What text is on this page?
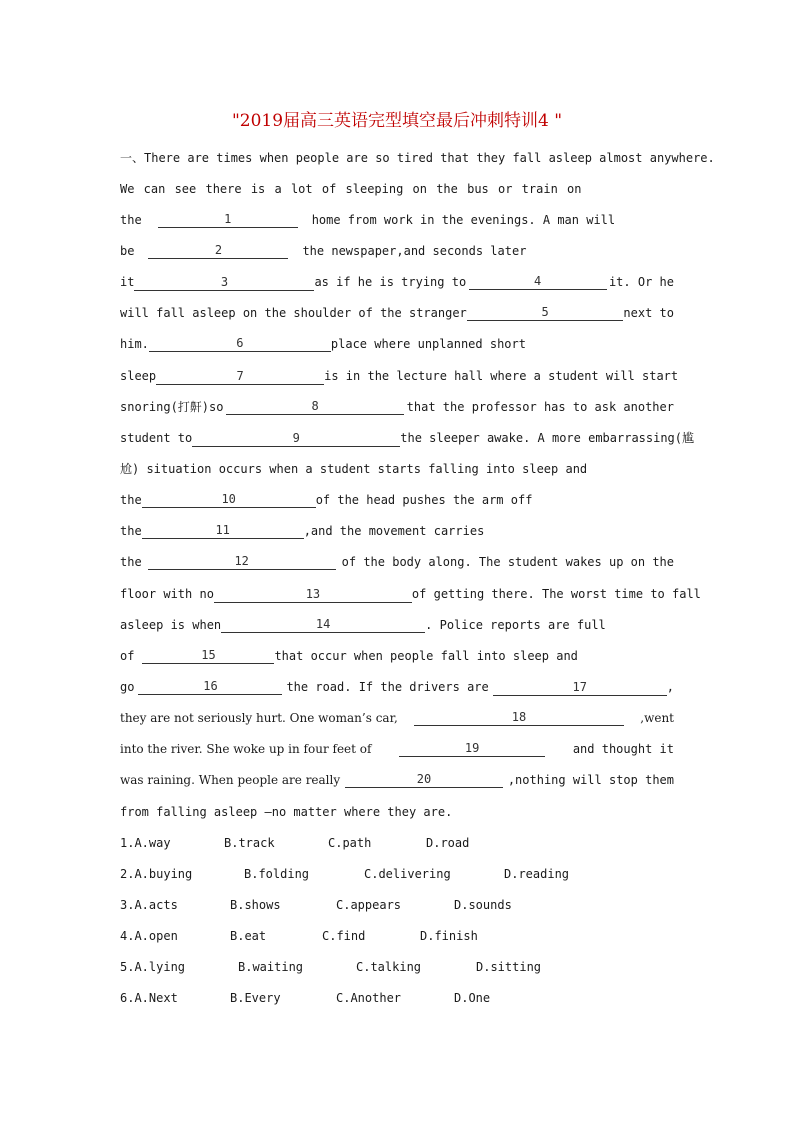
"2019届高三英语完型填空最后冲刺特训4 "
一、There are times when people are so tired that they fall asleep almost anywhere.
We can see there is a lot of sleeping on the bus or train on
the	1	home from work in the evenings. A man will
be	2	the newspaper,and seconds later
it	3	as if he is trying to	4	it. Or he
will fall asleep on the shoulder of the stranger	5	next to
him.	6	place where unplanned short
sleep	7	is in the lecture hall where a student will start
snoring(打鼾)so	8	that the professor has to ask another
student to	9	the sleeper awake. A more embarrassing(尴
尬) situation occurs when a student starts falling into sleep and
the	10	of the head pushes the arm off
the	11	,and the movement carries
the	12	of the body along. The student wakes up on the
floor with no	13	of getting there. The worst time to fall
asleep is when	14	. Police reports are full
of	15	that occur when people fall into sleep and
go	16	the road. If the drivers are	17	,
they are not seriously hurt. One woman’s car,	18	,went
into the river. She woke up in four feet of	19	and thought it
was raining. When people are really	20	,nothing will stop them
from falling asleep —no matter where they are.
1.A.way	B.track	C.path	D.road
2.A.buying	B.folding	C.delivering	D.reading
3.A.acts	B.shows	C.appears	D.sounds
4.A.open	B.eat	C.find	D.finish
5.A.lying	B.waiting	C.talking	D.sitting
6.A.Next	B.Every	C.Another	D.One
